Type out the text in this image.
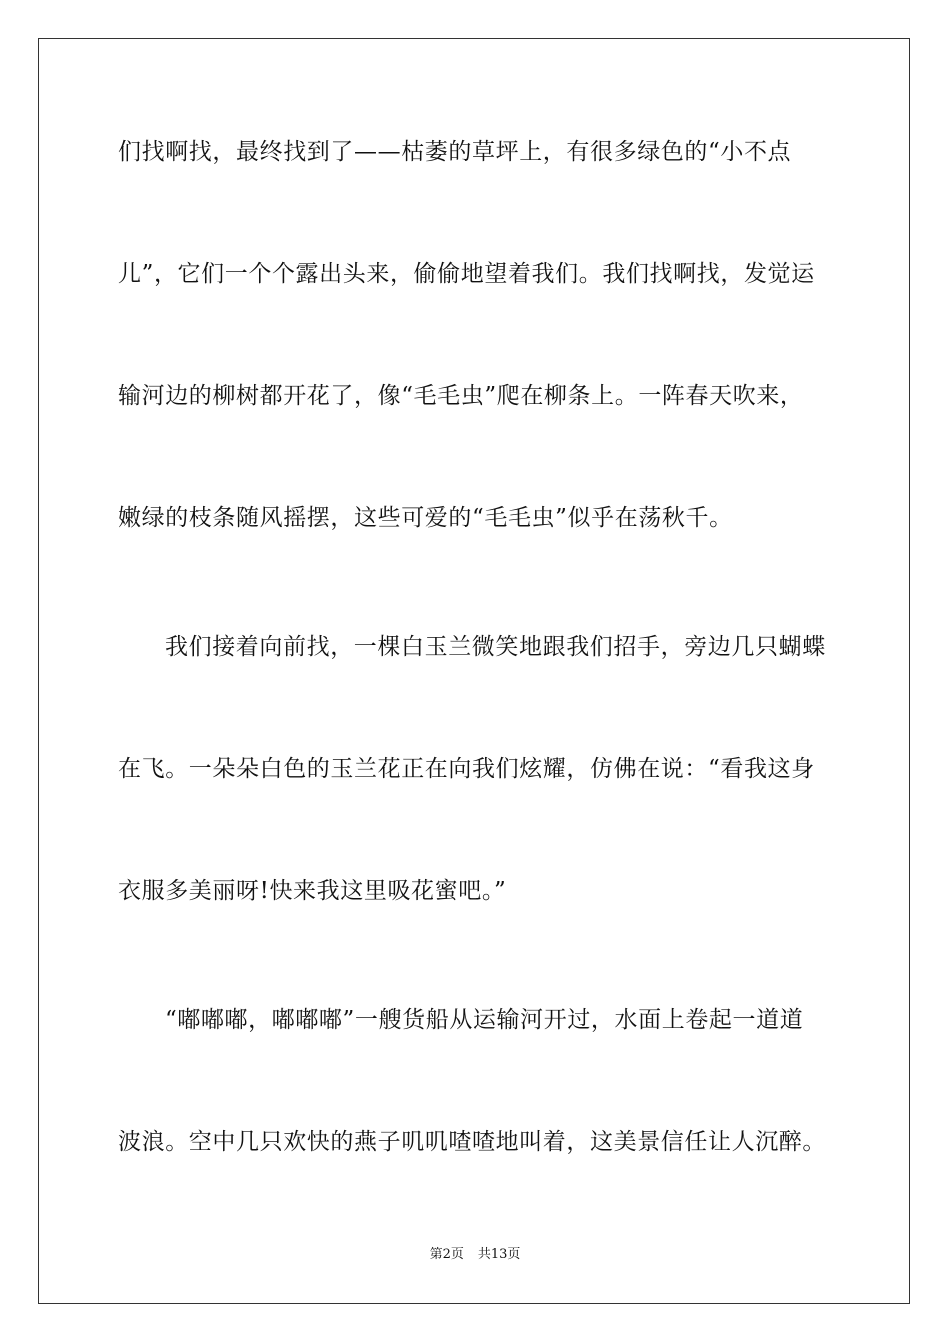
们找啊找，最终找到了——枯萎的草坪上，有很多绿色的“小不点
儿”，它们一个个露出头来，偷偷地望着我们。我们找啊找，发觉运
输河边的柳树都开花了，像“毛毛虫”爬在柳条上。一阵春天吹来，
嫩绿的枝条随风摇摆，这些可爱的“毛毛虫”似乎在荡秋千。
我们接着向前找，一棵白玉兰微笑地跟我们招手，旁边几只蝴蝶
在飞。一朵朵白色的玉兰花正在向我们炫耀，仿佛在说：“看我这身
衣服多美丽呀!快来我这里吸花蜜吧。”
“嘟嘟嘟，嘟嘟嘟”一艘货船从运输河开过，水面上卷起一道道
波浪。空中几只欢快的燕子叽叽喳喳地叫着，这美景信任让人沉醉。
第2页 共13页
